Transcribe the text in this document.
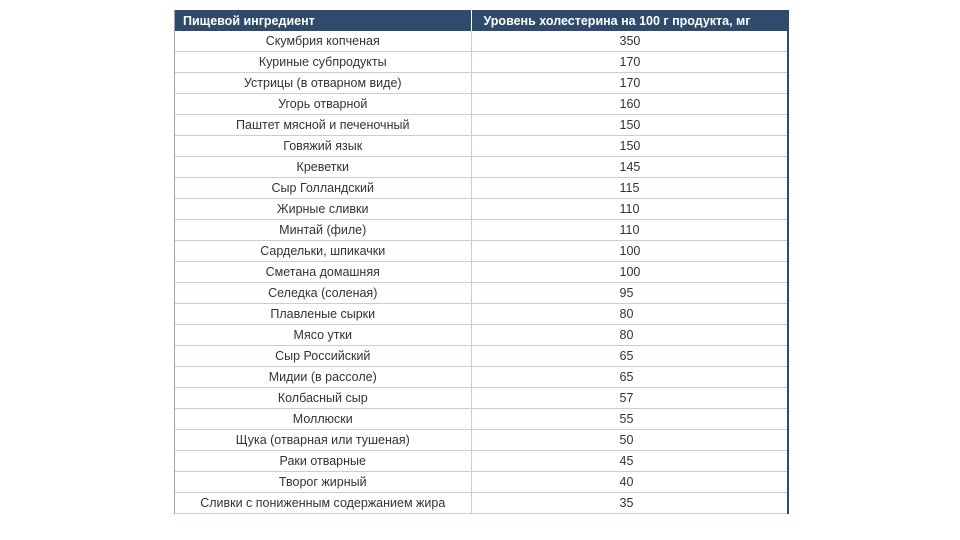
Пищевой ингредиент	Уровень холестерина на 100 г продукта, мг
Скумбрия копченая	350
Куриные субпродукты	170
Устрицы (в отварном виде)	170
Угорь отварной	160
Паштет мясной и печеночный	150
Говяжий язык	150
Креветки	145
Сыр Голландский	115
Жирные сливки	110
Минтай (филе)	110
Сардельки, шпикачки	100
Сметана домашняя	100
Селедка (соленая)	95
Плавленые сырки	80
Мясо утки	80
Сыр Российский	65
Мидии (в рассоле)	65
Колбасный сыр	57
Моллюски	55
Щука (отварная или тушеная)	50
Раки отварные	45
Творог жирный	40
Сливки с пониженным содержанием жира	35
